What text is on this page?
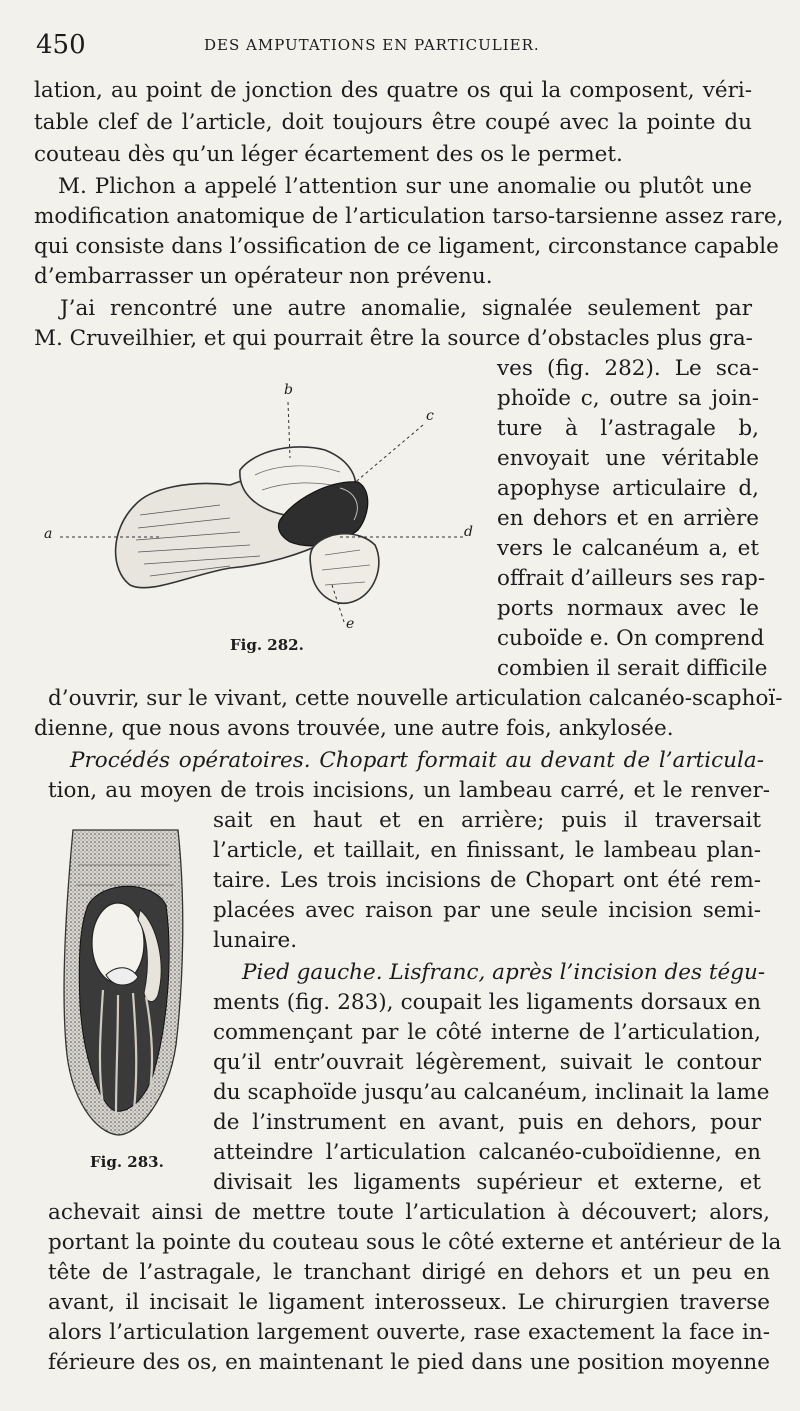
450	DES AMPUTATIONS EN PARTICULIER.
lation, au point de jonction des quatre os qui la composent, véri-
table clef de l’article, doit toujours être coupé avec la pointe du
couteau dès qu’un léger écartement des os le permet.
M. Plichon a appelé l’attention sur une anomalie ou plutôt une
modification anatomique de l’articulation tarso-tarsienne assez rare,
qui consiste dans l’ossification de ce ligament, circonstance capable
d’embarrasser un opérateur non prévenu.
J’ai rencontré une autre anomalie, signalée seulement par
M. Cruveilhier, et qui pourrait être la source d’obstacles plus gra-
ves (fig. 282). Le sca-
phoïde c, outre sa join-
ture à l’astragale b,
envoyait une véritable
apophyse articulaire d,
en dehors et en arrière
vers le calcanéum a, et
offrait d’ailleurs ses rap-
ports normaux avec le
cuboïde e. On comprend
combien il serait difficile
d’ouvrir, sur le vivant, cette nouvelle articulation calcanéo-scaphoï-
dienne, que nous avons trouvée, une autre fois, ankylosée.
Procédés opératoires. Chopart formait au devant de l’articula-
tion, au moyen de trois incisions, un lambeau carré, et le renver-
sait en haut et en arrière; puis il traversait
l’article, et taillait, en finissant, le lambeau plan-
taire. Les trois incisions de Chopart ont été rem-
placées avec raison par une seule incision semi-
lunaire.
Pied gauche. Lisfranc, après l’incision des tégu-
ments (fig. 283), coupait les ligaments dorsaux en
commençant par le côté interne de l’articulation,
qu’il entr’ouvrait légèrement, suivait le contour
du scaphoïde jusqu’au calcanéum, inclinait la lame
de l’instrument en avant, puis en dehors, pour
atteindre l’articulation calcanéo-cuboïdienne, en
divisait les ligaments supérieur et externe, et
achevait ainsi de mettre toute l’articulation à découvert; alors,
portant la pointe du couteau sous le côté externe et antérieur de la
tête de l’astragale, le tranchant dirigé en dehors et un peu en
avant, il incisait le ligament interosseux. Le chirurgien traverse
alors l’articulation largement ouverte, rase exactement la face in-
férieure des os, en maintenant le pied dans une position moyenne
a
b
c
d
e
Fig. 282.
Fig. 283.
